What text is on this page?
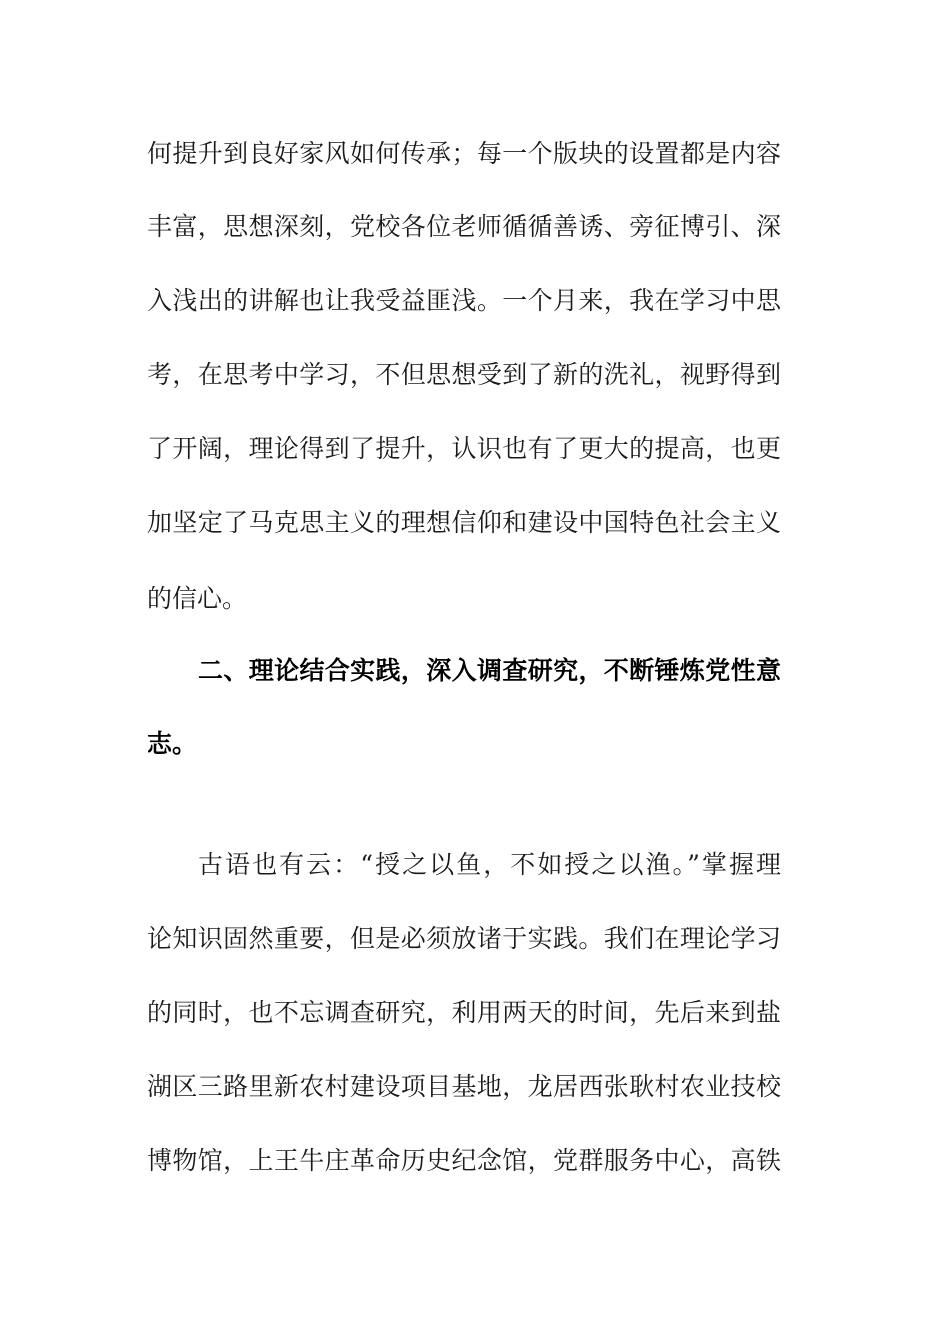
何提升到良好家风如何传承；每一个版块的设置都是内容

丰富，思想深刻，党校各位老师循循善诱、旁征博引、深

入浅出的讲解也让我受益匪浅。一个月来，我在学习中思

考，在思考中学习，不但思想受到了新的洗礼，视野得到

了开阔，理论得到了提升，认识也有了更大的提高，也更

加坚定了马克思主义的理想信仰和建设中国特色社会主义

的信心。

二、理论结合实践，深入调查研究，不断锤炼党性意

志。

古语也有云：“授之以鱼，不如授之以渔。”掌握理

论知识固然重要，但是必须放诸于实践。我们在理论学习

的同时，也不忘调查研究，利用两天的时间，先后来到盐

湖区三路里新农村建设项目基地，龙居西张耿村农业技校

博物馆，上王牛庄革命历史纪念馆，党群服务中心，高铁
